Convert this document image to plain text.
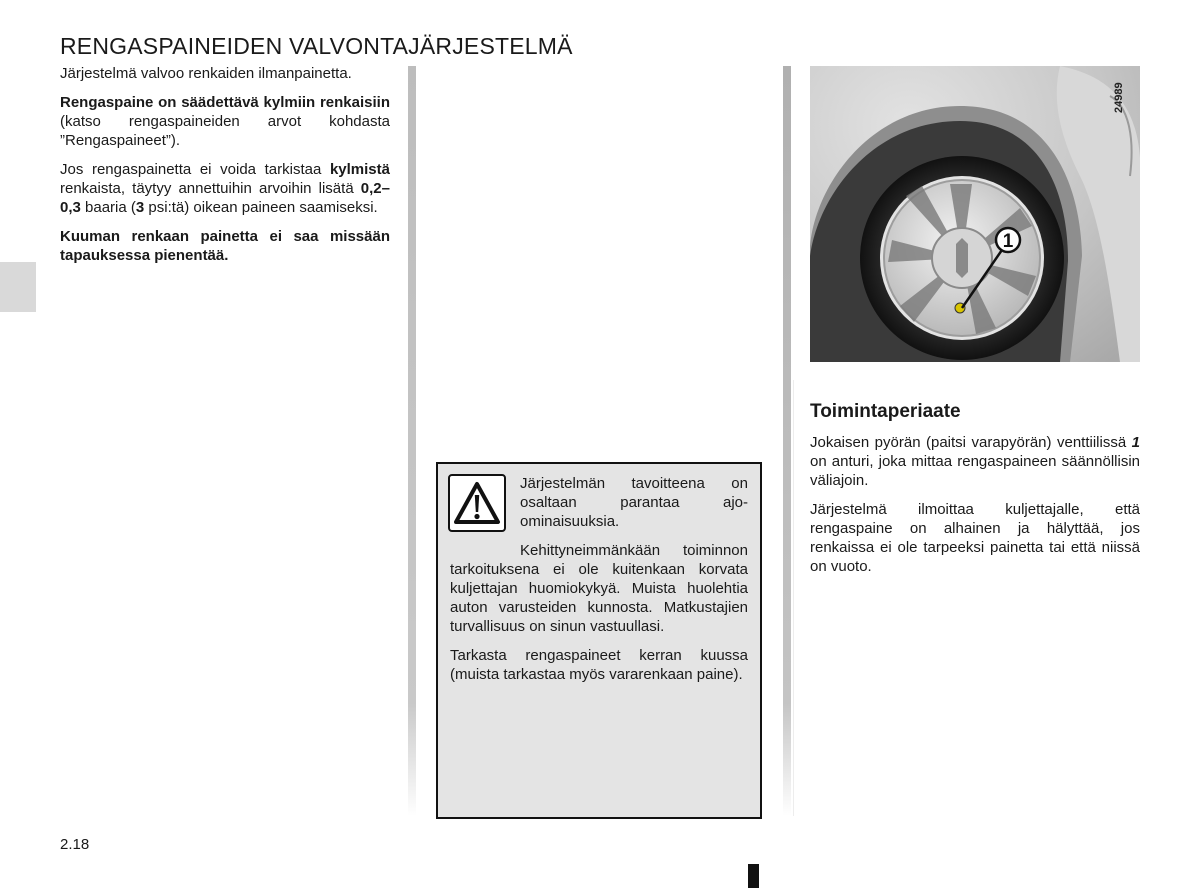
RENGASPAINEIDEN VALVONTAJÄRJESTELMÄ

Järjestelmä valvoo renkaiden ilmanpainetta.

Rengaspaine on säädettävä kylmiin renkaisiin (katso rengaspaineiden arvot kohdasta ”Rengaspaineet”).

Jos rengaspainetta ei voida tarkistaa kylmistä renkaista, täytyy annettuihin arvoihin lisätä 0,2–0,3 baaria (3 psi:tä) oikean paineen saamiseksi.

Kuuman renkaan painetta ei saa missään tapauksessa pienentää.

Järjestelmän tavoitteena on osaltaan parantaa ajo-ominaisuuksia.

Kehittyneimmänkään toiminnon tarkoituksena ei ole kuitenkaan korvata kuljettajan huomiokykyä. Muista huolehtia auton varusteiden kunnosta. Matkustajien turvallisuus on sinun vastuullasi.

Tarkasta rengaspaineet kerran kuussa (muista tarkastaa myös vararenkaan paine).

1
24989
Toimintaperiaate

Jokaisen pyörän (paitsi varapyörän) venttiilissä 1 on anturi, joka mittaa rengaspaineen säännöllisin väliajoin.

Järjestelmä ilmoittaa kuljettajalle, että rengaspaine on alhainen ja hälyttää, jos renkaissa ei ole tarpeeksi painetta tai että niissä on vuoto.

2.18
